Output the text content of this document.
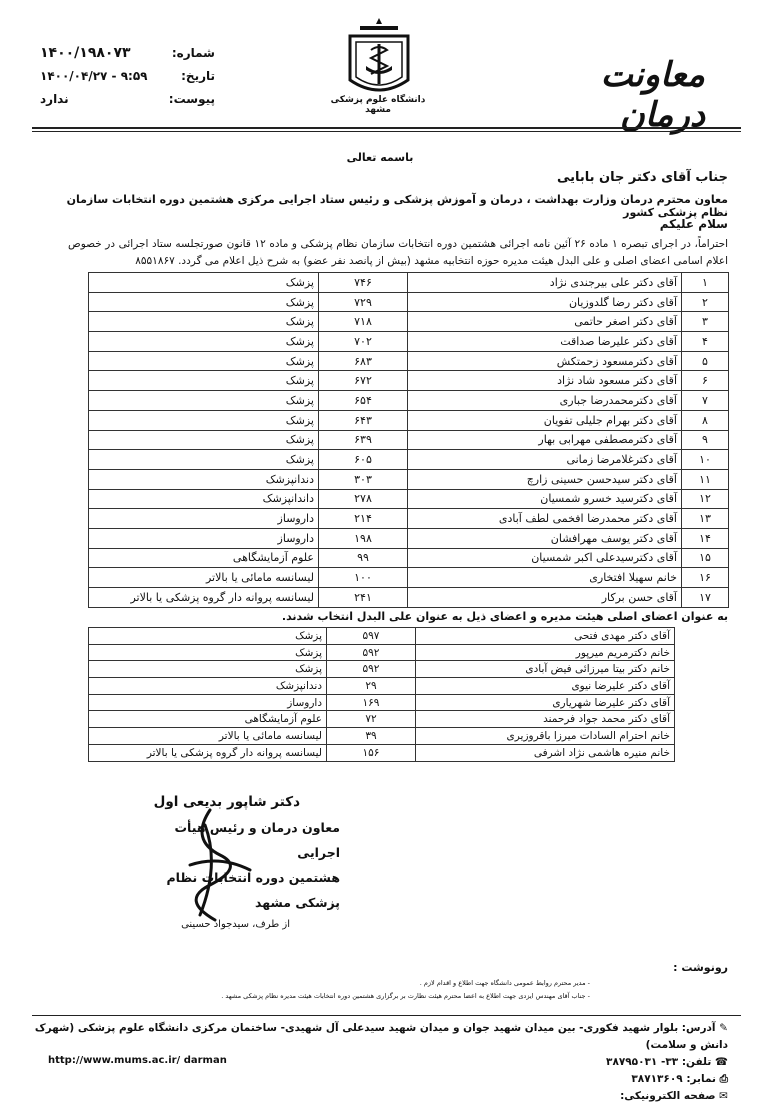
شماره:
۱۴۰۰/۱۹۸۰۷۳
تاریخ:
۱۴۰۰/۰۴/۲۷ - ۹:۵۹
پیوست:
ندارد	دانشگاه علوم پزشکی مشهد
معاونت درمان
باسمه تعالی
جناب آقای دکتر جان بابایی
معاون محترم درمان وزارت بهداشت ، درمان و آموزش پزشکی و رئیس ستاد اجرایی مرکزی هشتمین دوره انتخابات سازمان نظام پزشکی کشور
سلام علیکم
احتراماً، در اجرای تبصره ۱ ماده ۲۶ آئین نامه اجرائی هشتمین دوره انتخابات سازمان نظام پزشکی و ماده ۱۲ قانون صورتجلسه ستاد اجرائی در خصوص اعلام اسامی اعضای اصلی و علی البدل هیئت مدیره حوزه انتخابیه مشهد (بیش از پانصد نفر عضو) به شرح ذیل اعلام می گردد. ۸۵۵۱۸۶۷
۱	آقای دکتر علی بیرجندی نژاد	۷۴۶	پزشک
۲	آقای دکتر رضا گلدوزیان	۷۲۹	پزشک
۳	آقای دکتر اصغر حاتمی	۷۱۸	پزشک
۴	آقای دکتر علیرضا صداقت	۷۰۲	پزشک
۵	آقای دکترمسعود زحمتکش	۶۸۳	پزشک
۶	آقای دکتر مسعود شاد نژاد	۶۷۲	پزشک
۷	آقای دکترمحمدرضا جباری	۶۵۴	پزشک
۸	آقای دکتر بهرام جلیلی تفویان	۶۴۳	پزشک
۹	آقای دکترمصطفی مهرابی بهار	۶۳۹	پزشک
۱۰	آقای دکترغلامرضا زمانی	۶۰۵	پزشک
۱۱	آقای دکتر سیدحسن حسینی زارچ	۳۰۳	دندانپزشک
۱۲	آقای دکترسید خسرو شمسیان	۲۷۸	داندانپزشک
۱۳	آقای دکتر محمدرضا افخمی لطف آبادی	۲۱۴	داروساز
۱۴	آقای دکتر یوسف مهرافشان	۱۹۸	داروساز
۱۵	آقای دکترسیدعلی اکبر شمسیان	۹۹	علوم آزمایشگاهی
۱۶	خانم سهیلا افتخاری	۱۰۰	لیسانسه مامائی یا بالاتر
۱۷	آقای حسن برکار	۲۴۱	لیسانسه پروانه دار گروه پزشکی یا بالاتر
به عنوان اعضای اصلی هیئت مدیره و اعضای ذیل به عنوان علی البدل انتخاب شدند.
آقای دکتر مهدی فتحی	۵۹۷	پزشک
خانم دکترمریم میرپور	۵۹۲	پزشک
خانم دکتر بیتا میرزائی فیض آبادی	۵۹۲	پزشک
آقای دکتر علیرضا نیوی	۲۹	دندانپزشک
آقای دکتر علیرضا شهریاری	۱۶۹	داروساز
آقای دکتر محمد جواد فرحمند	۷۲	علوم آزمایشگاهی
خانم احترام السادات میرزا باقروزیری	۳۹	لیسانسه مامائی یا بالاتر
خانم منیره هاشمی نژاد اشرفی	۱۵۶	لیسانسه پروانه دار گروه پزشکی یا بالاتر
دکتر شاپور بدیعی اول
معاون درمان و رئیس هیأت اجرایی
هشتمین دوره انتخابات نظام پزشکی مشهد
از طرف، سیدجواد حسینی
رونوشت :
- مدیر محترم روابط عمومی دانشگاه جهت اطلاع و اقدام لازم .
- جناب آقای مهندس ایزدی جهت اطلاع به اعضا محترم هیئت نظارت بر برگزاری هشتمین دوره انتخابات هیئت مدیره نظام پزشکی مشهد .
✎ آدرس: بلوار شهید فکوری- بین میدان شهید جوان و میدان شهید سیدعلی آل شهیدی- ساختمان مرکزی دانشگاه علوم پزشکی (شهرک دانش و سلامت)
☎ تلفن: ۳۳- ۳۸۷۹۵۰۳۱
⎙ نمابر: ۳۸۷۱۳۶۰۹
✉ صفحه الکترونیکی:
http://www.mums.ac.ir/ darman
